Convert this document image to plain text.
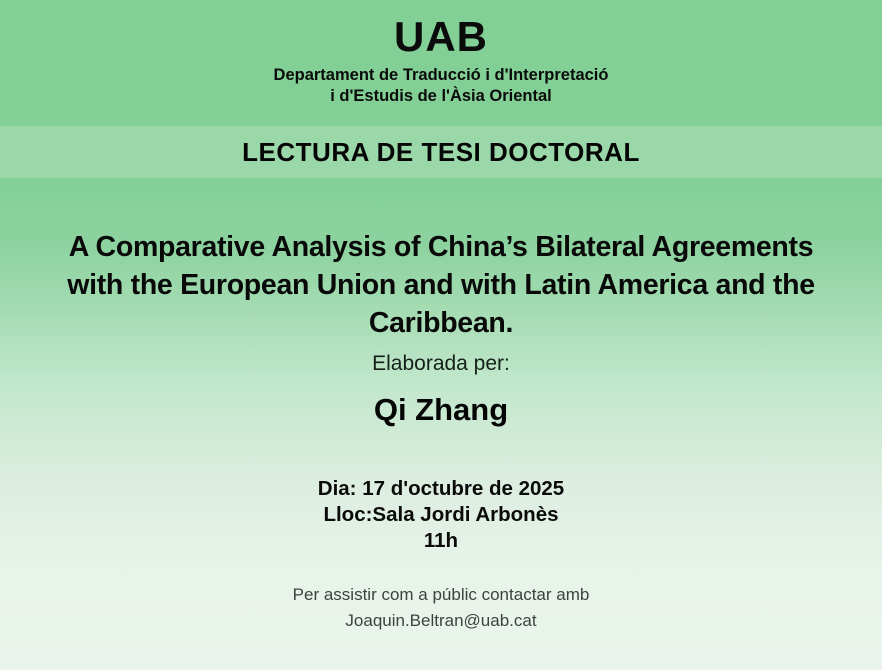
UAB
Departament de Traducció i d'Interpretació
i d'Estudis de l'Àsia Oriental
LECTURA DE TESI DOCTORAL
A Comparative Analysis of China’s Bilateral Agreements
with the European Union and with Latin America and the
Caribbean.
Elaborada per:
Qi Zhang
Dia: 17 d'octubre de 2025
Lloc:Sala Jordi Arbonès
11h
Per assistir com a públic contactar amb
Joaquin.Beltran@uab.cat
